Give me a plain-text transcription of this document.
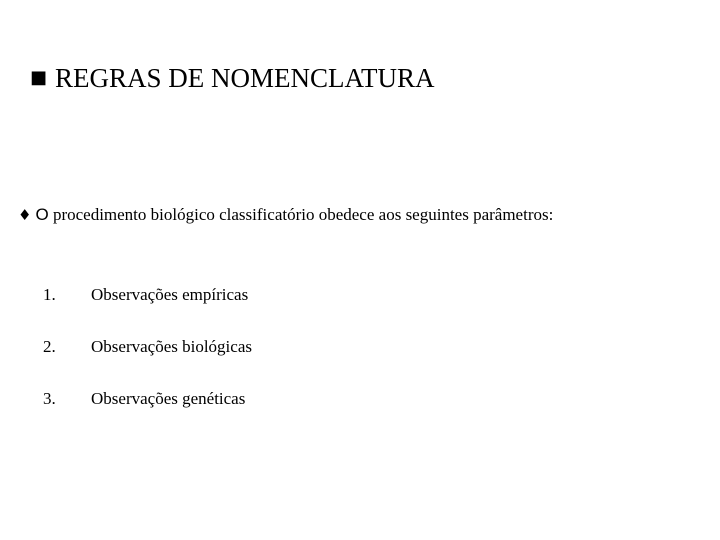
■ REGRAS DE NOMENCLATURA
♦ O procedimento biológico classificatório obedece aos seguintes parâmetros:
1.	Observações empíricas
2.	Observações biológicas
3.	Observações genéticas
